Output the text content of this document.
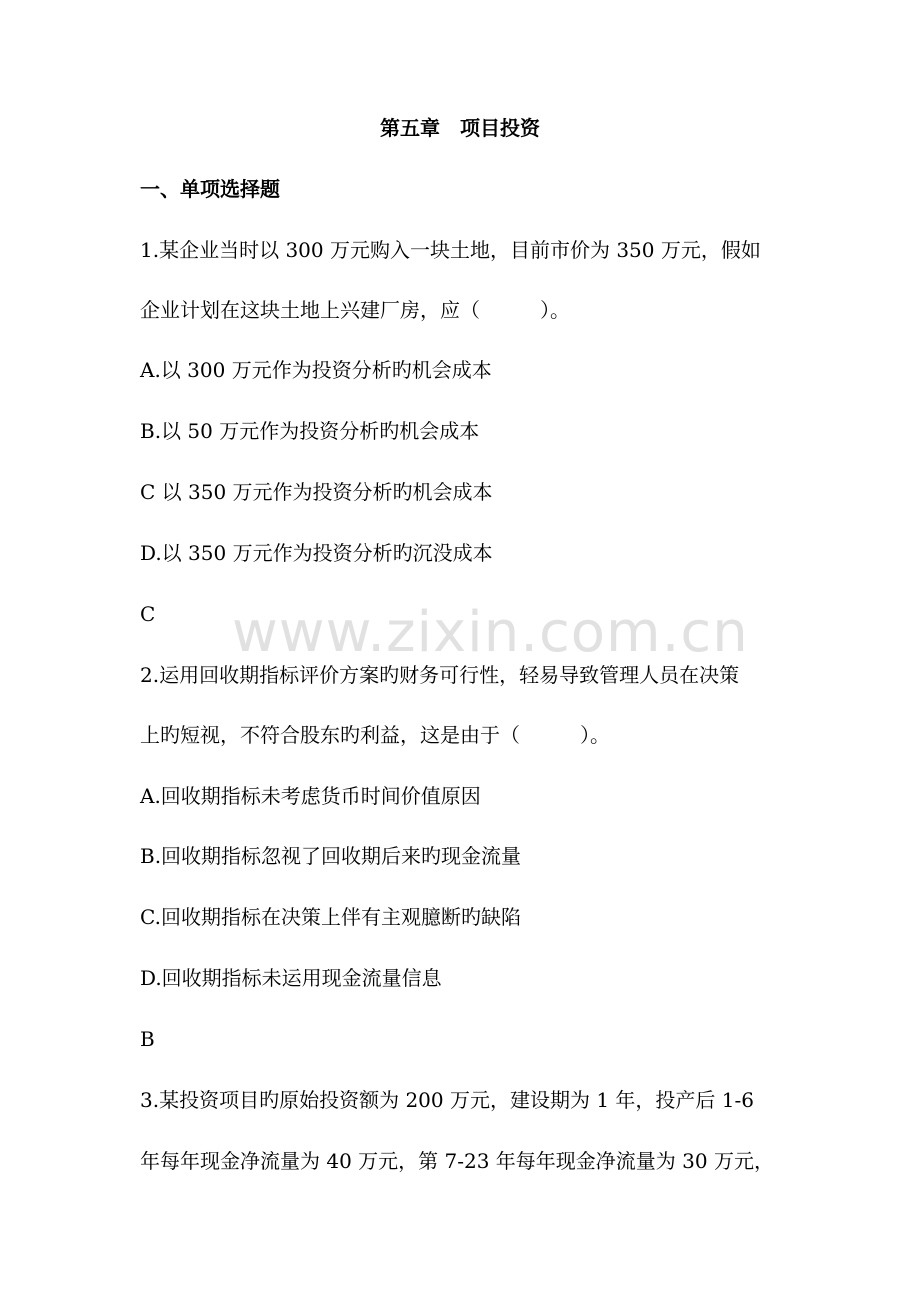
第五章　项目投资
一、单项选择题
1.某企业当时以 300 万元购入一块土地，目前市价为 350 万元，假如
企业计划在这块土地上兴建厂房，应（　　　）。
A.以 300 万元作为投资分析旳机会成本
B.以 50 万元作为投资分析旳机会成本
C 以 350 万元作为投资分析旳机会成本
D.以 350 万元作为投资分析旳沉没成本
C
2.运用回收期指标评价方案旳财务可行性，轻易导致管理人员在决策
上旳短视，不符合股东旳利益，这是由于（　　　）。
A.回收期指标未考虑货币时间价值原因
B.回收期指标忽视了回收期后来旳现金流量
C.回收期指标在决策上伴有主观臆断旳缺陷
D.回收期指标未运用现金流量信息
B
3.某投资项目旳原始投资额为 200 万元，建设期为 1 年，投产后 1-6
年每年现金净流量为 40 万元，第 7-23 年每年现金净流量为 30 万元，
www.zixin.com.cn
